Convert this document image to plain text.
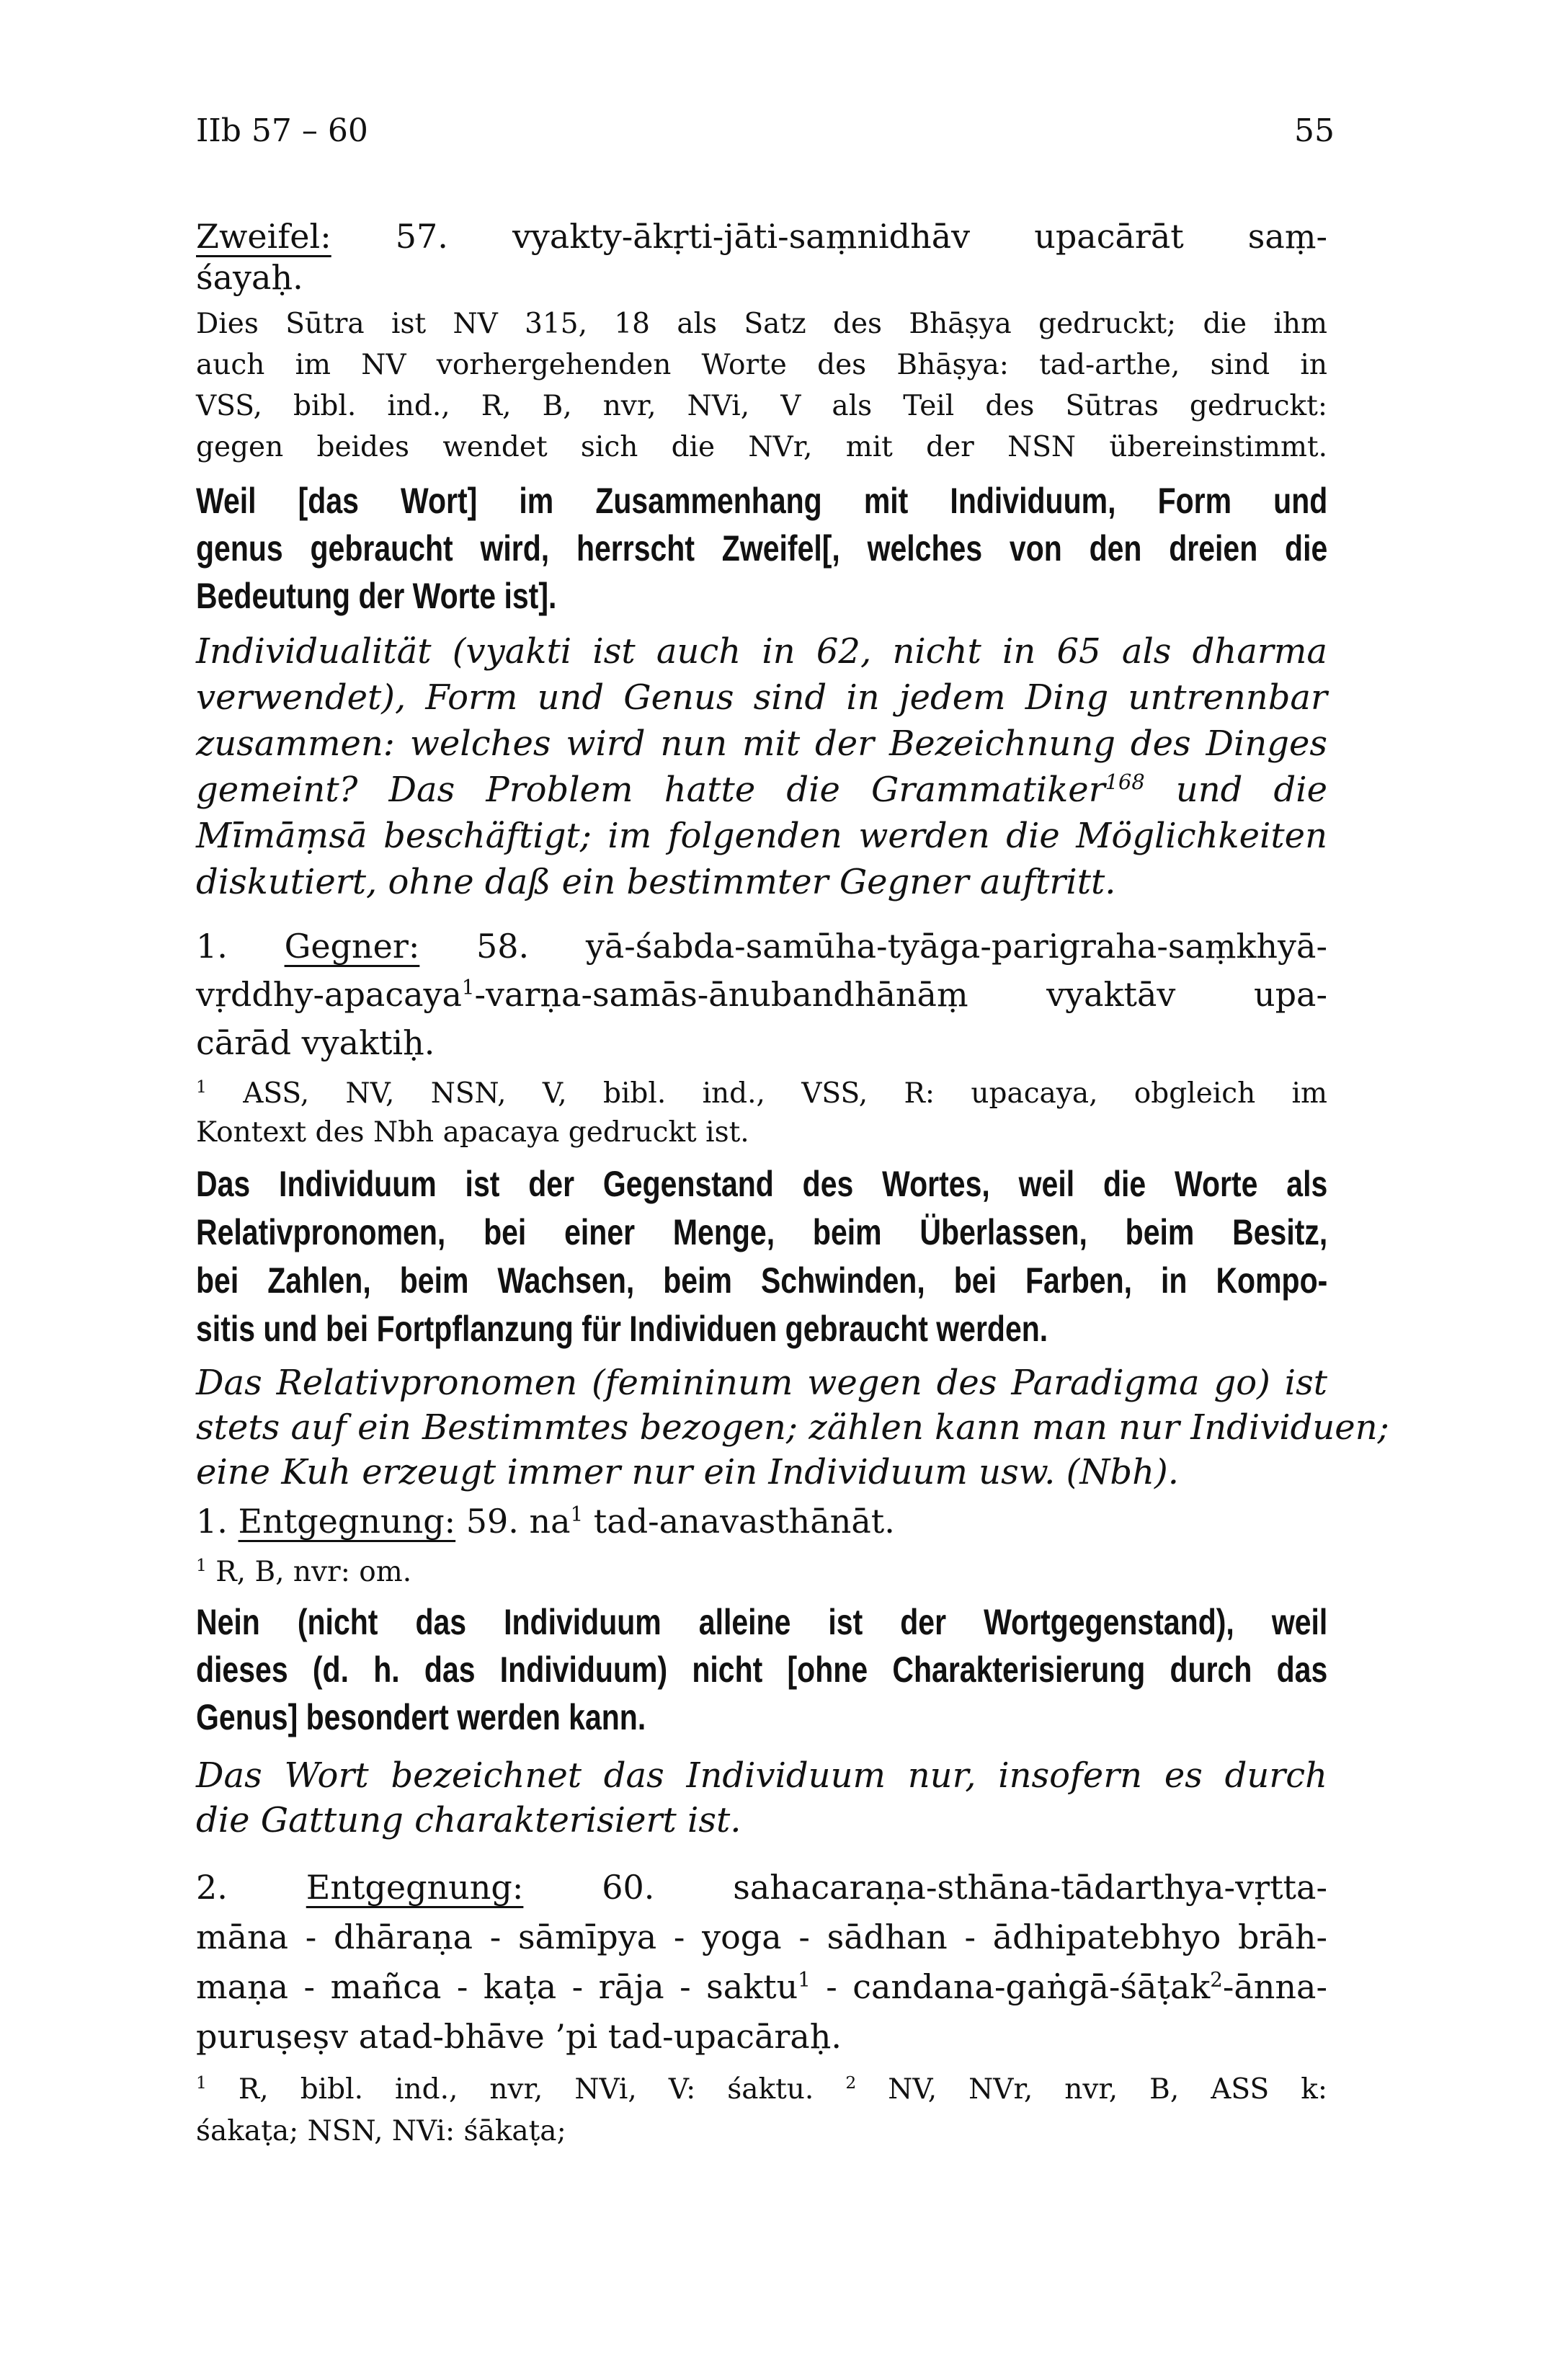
IIb 57 – 60	55
Zweifel: 57. vyakty-ākṛti-jāti-saṃnidhāv upacārāt saṃ-
śayaḥ.
Dies Sūtra ist NV 315, 18 als Satz des Bhāṣya gedruckt; die ihm
auch im NV vorhergehenden Worte des Bhāṣya: tad-arthe, sind in
VSS, bibl. ind., R, B, nvr, NVi, V als Teil des Sūtras gedruckt:
gegen beides wendet sich die NVr, mit der NSN übereinstimmt.
Weil [das Wort] im Zusammenhang mit Individuum, Form und
genus gebraucht wird, herrscht Zweifel[, welches von den dreien die
Bedeutung der Worte ist].
Individualität (vyakti ist auch in 62, nicht in 65 als dharma
verwendet), Form und Genus sind in jedem Ding untrennbar
zusammen: welches wird nun mit der Bezeichnung des Dinges
gemeint? Das Problem hatte die Grammatiker$^{168}$ und die
Mīmāṃsā beschäftigt; im folgenden werden die Möglichkeiten
diskutiert, ohne daß ein bestimmter Gegner auftritt.
1. Gegner: 58. yā-śabda-samūha-tyāga-parigraha-saṃkhyā-
vṛddhy-apacaya$^1$-varṇa-samās-ānubandhānāṃ vyaktāv upa-
cārād vyaktiḥ.
$^1$ ASS, NV, NSN, V, bibl. ind., VSS, R: upacaya, obgleich im
Kontext des Nbh apacaya gedruckt ist.
Das Individuum ist der Gegenstand des Wortes, weil die Worte als
Relativpronomen, bei einer Menge, beim Überlassen, beim Besitz,
bei Zahlen, beim Wachsen, beim Schwinden, bei Farben, in Kompo-
sitis und bei Fortpflanzung für Individuen gebraucht werden.
Das Relativpronomen (femininum wegen des Paradigma go) ist
stets auf ein Bestimmtes bezogen; zählen kann man nur Individuen;
eine Kuh erzeugt immer nur ein Individuum usw. (Nbh).
1. Entgegnung: 59. $na^1$ tad-anavasthānāt.
$^1$ R, B, nvr: om.
Nein (nicht das Individuum alleine ist der Wortgegenstand), weil
dieses (d. h. das Individuum) nicht [ohne Charakterisierung durch das
Genus] besondert werden kann.
Das Wort bezeichnet das Individuum nur, insofern es durch
die Gattung charakterisiert ist.
2. Entgegnung: 60. sahacaraṇa-sthāna-tādarthya-vṛtta-
māna - dhāraṇa - sāmīpya - yoga - sādhan - ādhipatebhyo brāh-
maṇa - mañca - kaṭa - rāja - saktu$^1$ - candana-gaṅgā-śāṭak$^2$-ānna-
puruṣeṣv atad-bhāve ’pi tad-upacāraḥ.
$^1$ R, bibl. ind., nvr, NVi, V: śaktu. $^2$ NV, NVr, nvr, B, ASS k:
śakaṭa; NSN, NVi: śākaṭa;
